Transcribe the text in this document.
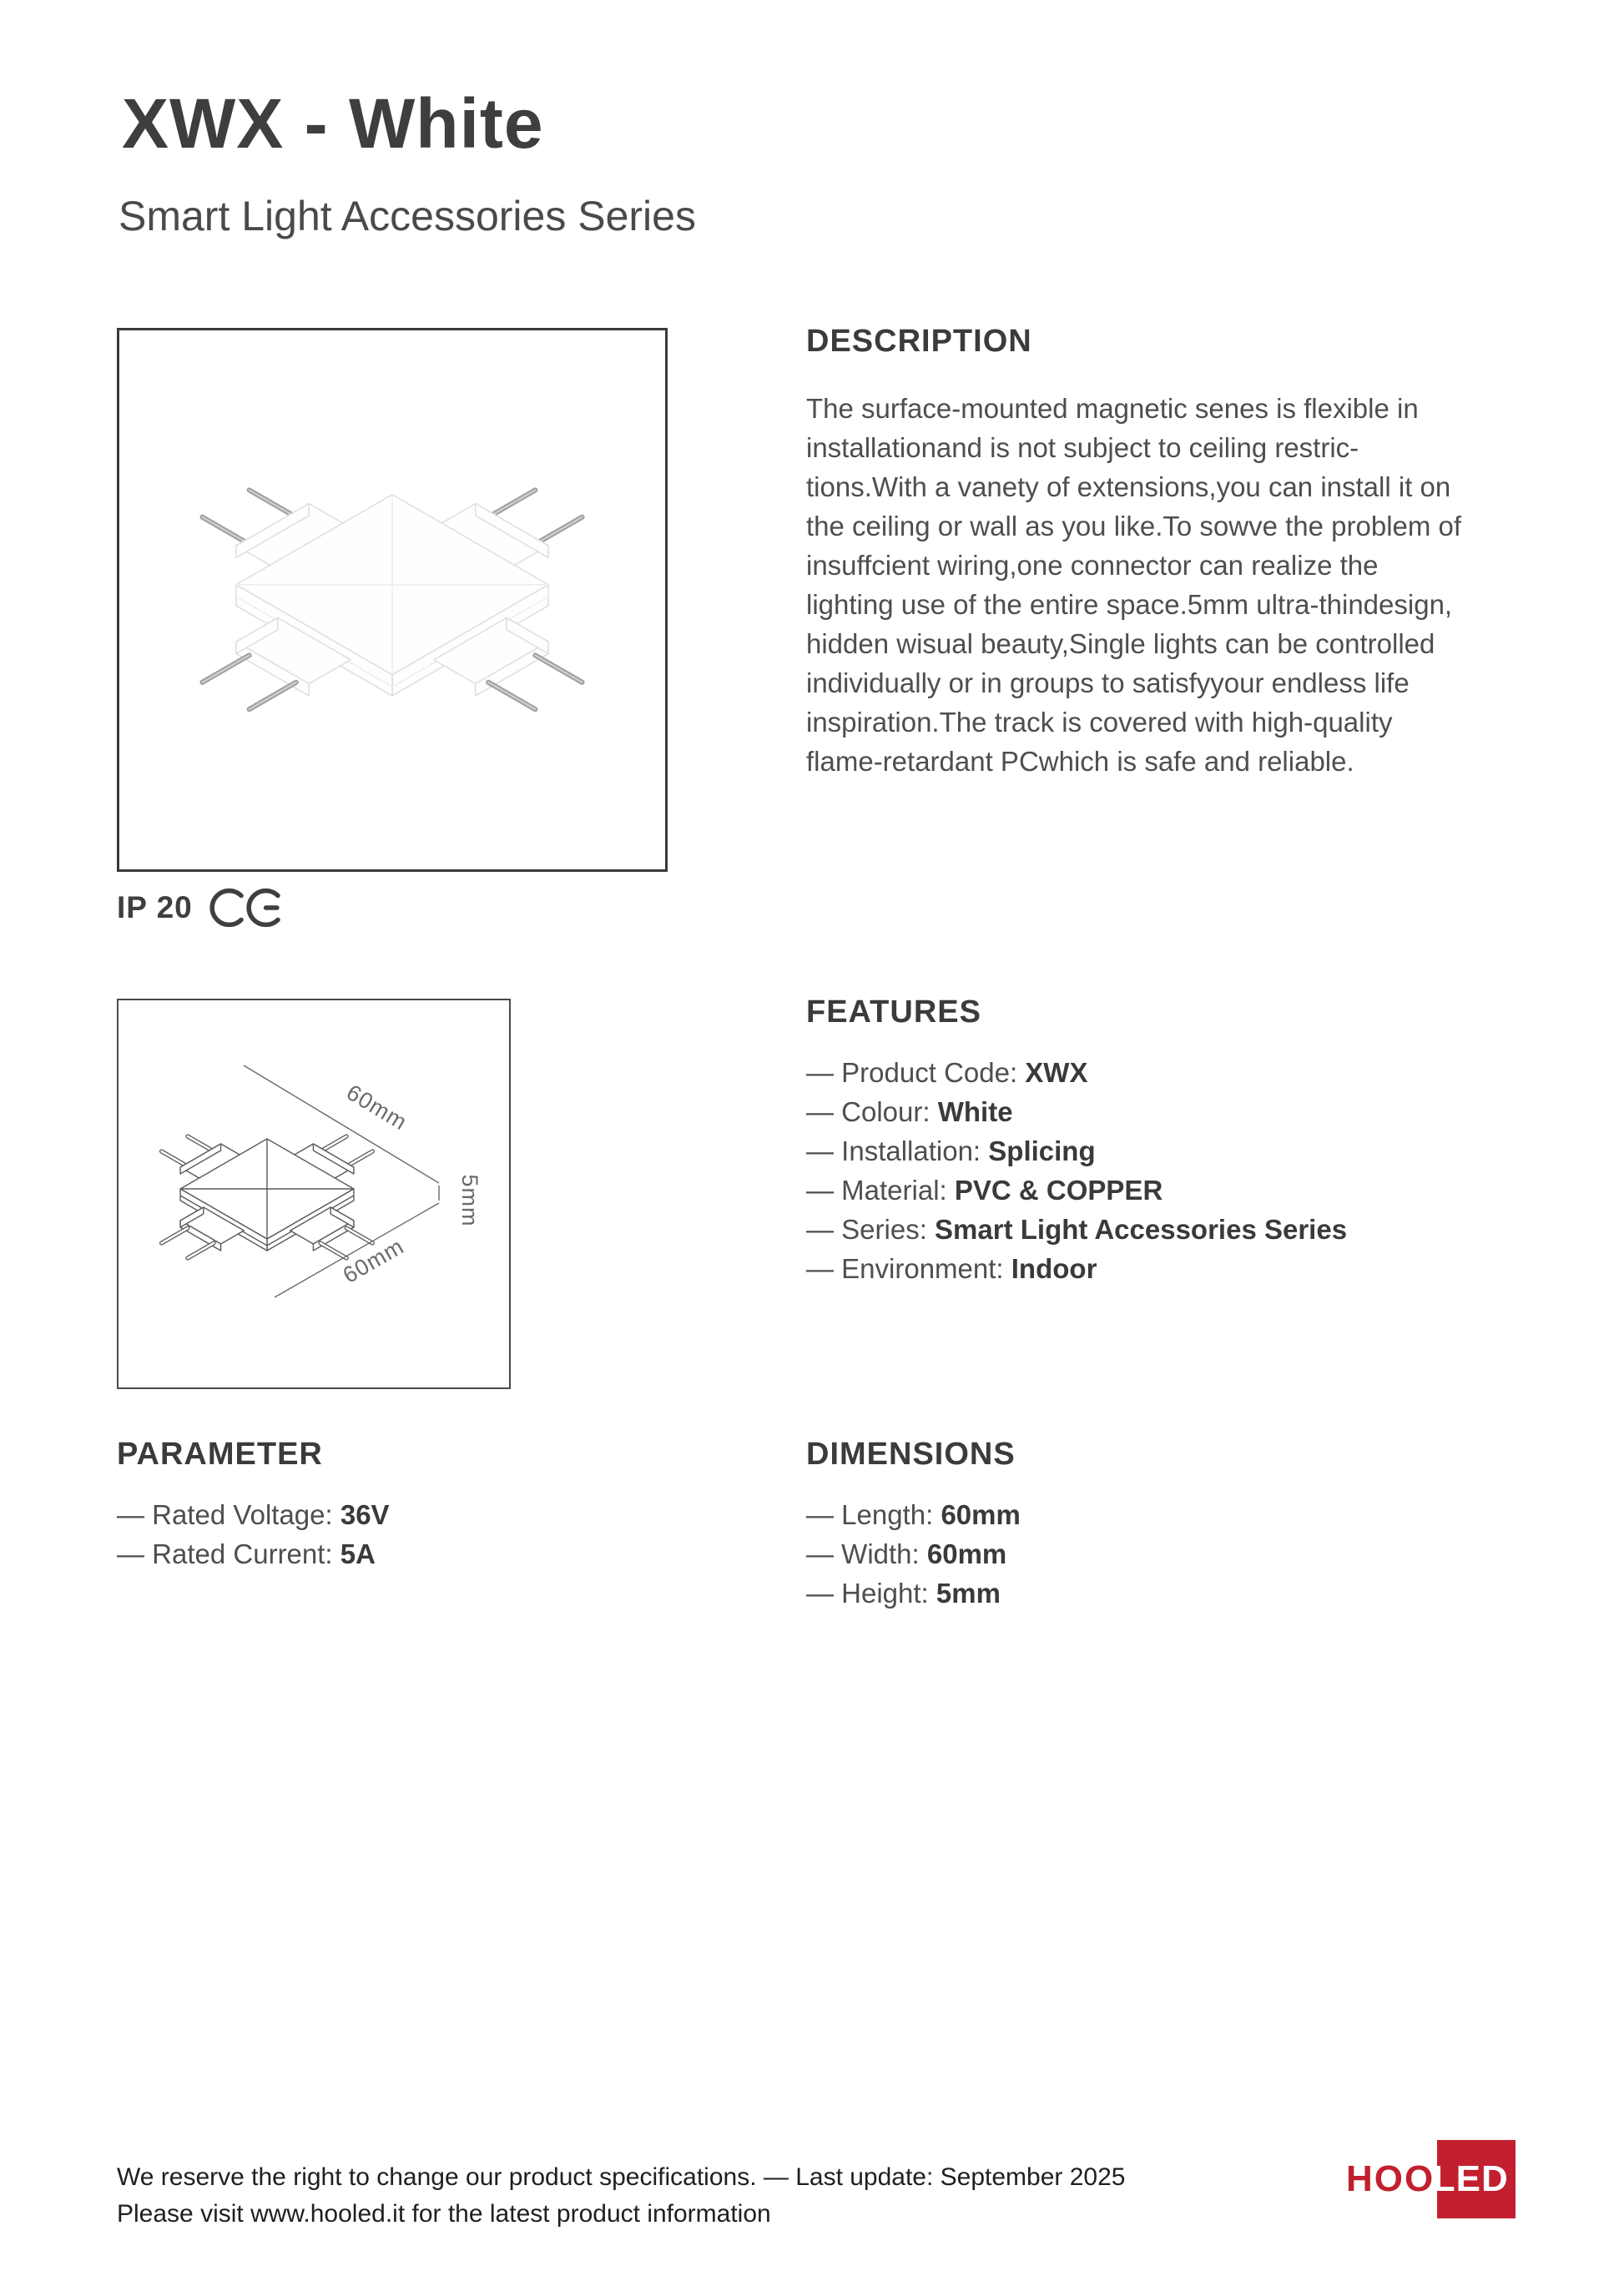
XWX - White
Smart Light Accessories Series
IP 20
60mm
5mm
60mm
DESCRIPTION
The surface-mounted magnetic senes is flexible in
installationand is not subject to ceiling restric-
tions.With a vanety of extensions,you can install it on
the ceiling or wall as you like.To sowve the problem of
insuffcient wiring,one connector can realize the
lighting use of the entire space.5mm ultra-thindesign,
hidden wisual beauty,Single lights can be controlled
individually or in groups to satisfyyour endless life
inspiration.The track is covered with high-quality
flame-retardant PCwhich is safe and reliable.
FEATURES
— Product Code: XWX
— Colour: White
— Installation: Splicing
— Material: PVC & COPPER
— Series: Smart Light Accessories Series
— Environment: Indoor
PARAMETER
— Rated Voltage: 36V
— Rated Current: 5A
DIMENSIONS
— Length: 60mm
— Width: 60mm
— Height: 5mm
We reserve the right to change our product specifications. — Last update: September 2025
Please visit www.hooled.it for the latest product information
HOO
LED
